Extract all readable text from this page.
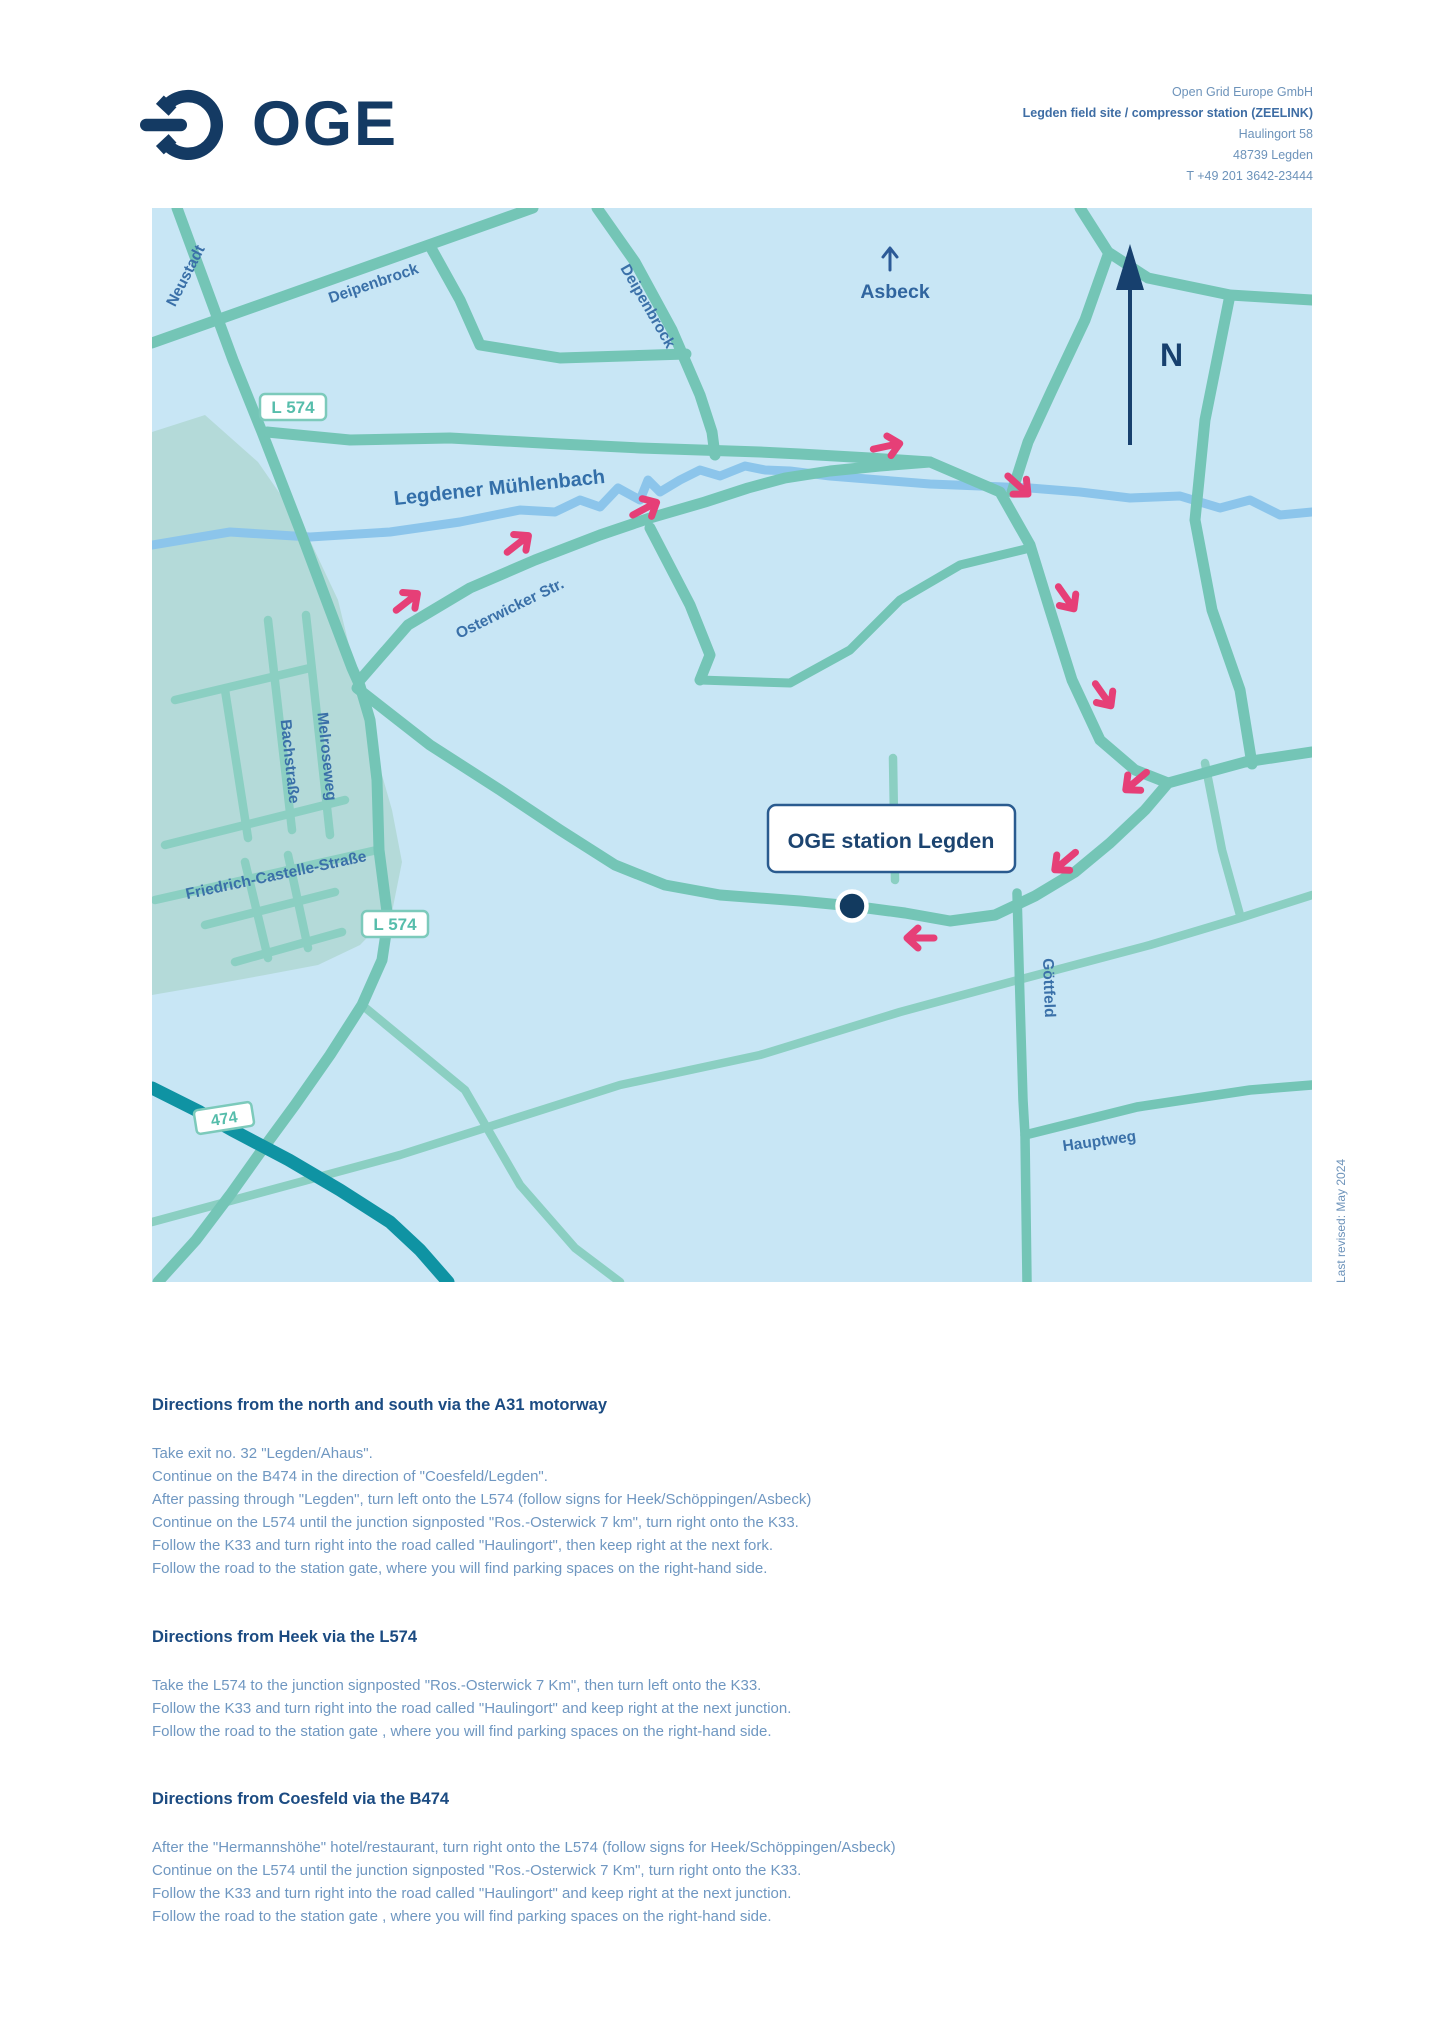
OGE	Open Grid Europe GmbH
Legden field site / compressor station (ZEELINK)
Haulingort 58
48739 Legden
T +49 201 3642-23444
L 574
L 574
474
Neustadt	Deipenbrock	Deipenbrock
Osterwicker Str.
Bachstraße Melroseweg
Friedrich-Castelle-Straße
Göttfeld
Hauptweg
Legdener Mühlenbach
Asbeck
N
OGE station Legden
Last revised: May 2024
Directions from the north and south via the A31 motorway
Take exit no. 32 "Legden/Ahaus".
Continue on the B474 in the direction of "Coesfeld/Legden".
After passing through "Legden", turn left onto the L574 (follow signs for Heek/Schöppingen/Asbeck)
Continue on the L574 until the junction signposted "Ros.-Osterwick 7 km", turn right onto the K33.
Follow the K33 and turn right into the road called "Haulingort", then keep right at the next fork.
Follow the road to the station gate, where you will find parking spaces on the right-hand side.
Directions from Heek via the L574
Take the L574 to the junction signposted "Ros.-Osterwick 7 Km", then turn left onto the K33.
Follow the K33 and turn right into the road called "Haulingort" and keep right at the next junction.
Follow the road to the station gate , where you will find parking spaces on the right-hand side.
Directions from Coesfeld via the B474
After the "Hermannshöhe" hotel/restaurant, turn right onto the L574 (follow signs for Heek/Schöppingen/Asbeck)
Continue on the L574 until the junction signposted "Ros.-Osterwick 7 Km", turn right onto the K33.
Follow the K33 and turn right into the road called "Haulingort" and keep right at the next junction.
Follow the road to the station gate , where you will find parking spaces on the right-hand side.
